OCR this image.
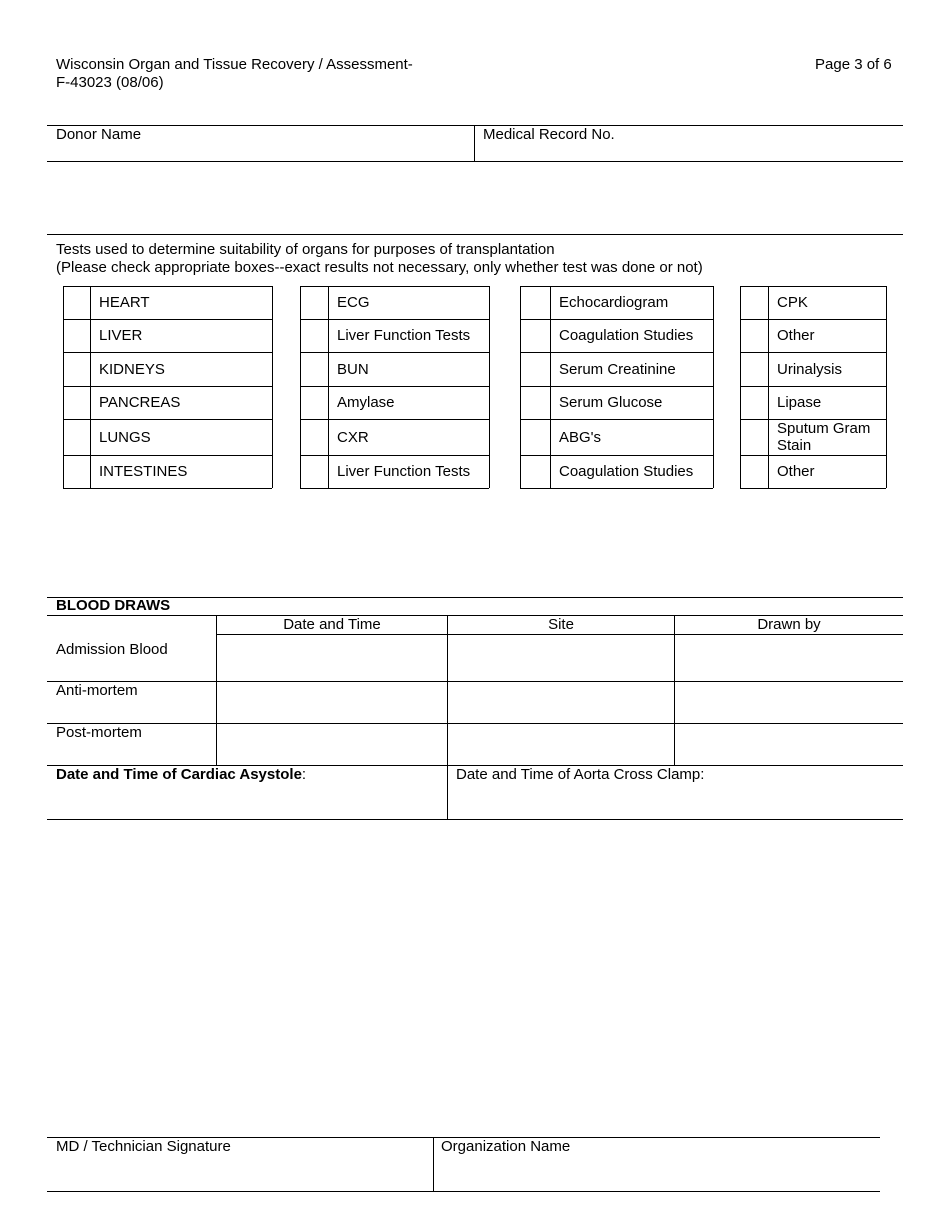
Wisconsin Organ and Tissue Recovery / Assessment-
F-43023 (08/06)
Page 3 of 6
Donor Name	Medical Record No.
Tests used to determine suitability of organs for purposes of transplantation
(Please check appropriate boxes--exact results not necessary, only whether test was done or not)
HEART
LIVER
KIDNEYS
PANCREAS
LUNGS
INTESTINES
ECG
Liver Function Tests
BUN
Amylase
CXR
Liver Function Tests
Echocardiogram
Coagulation Studies
Serum Creatinine
Serum Glucose
ABG's
Coagulation Studies
CPK
Other
Urinalysis
Lipase
Sputum Gram Stain
Other
BLOOD DRAWS
Date and Time	Site	Drawn by
Admission Blood
Anti-mortem
Post-mortem
Date and Time of Cardiac Asystole:	Date and Time of Aorta Cross Clamp:
MD / Technician Signature	Organization Name
